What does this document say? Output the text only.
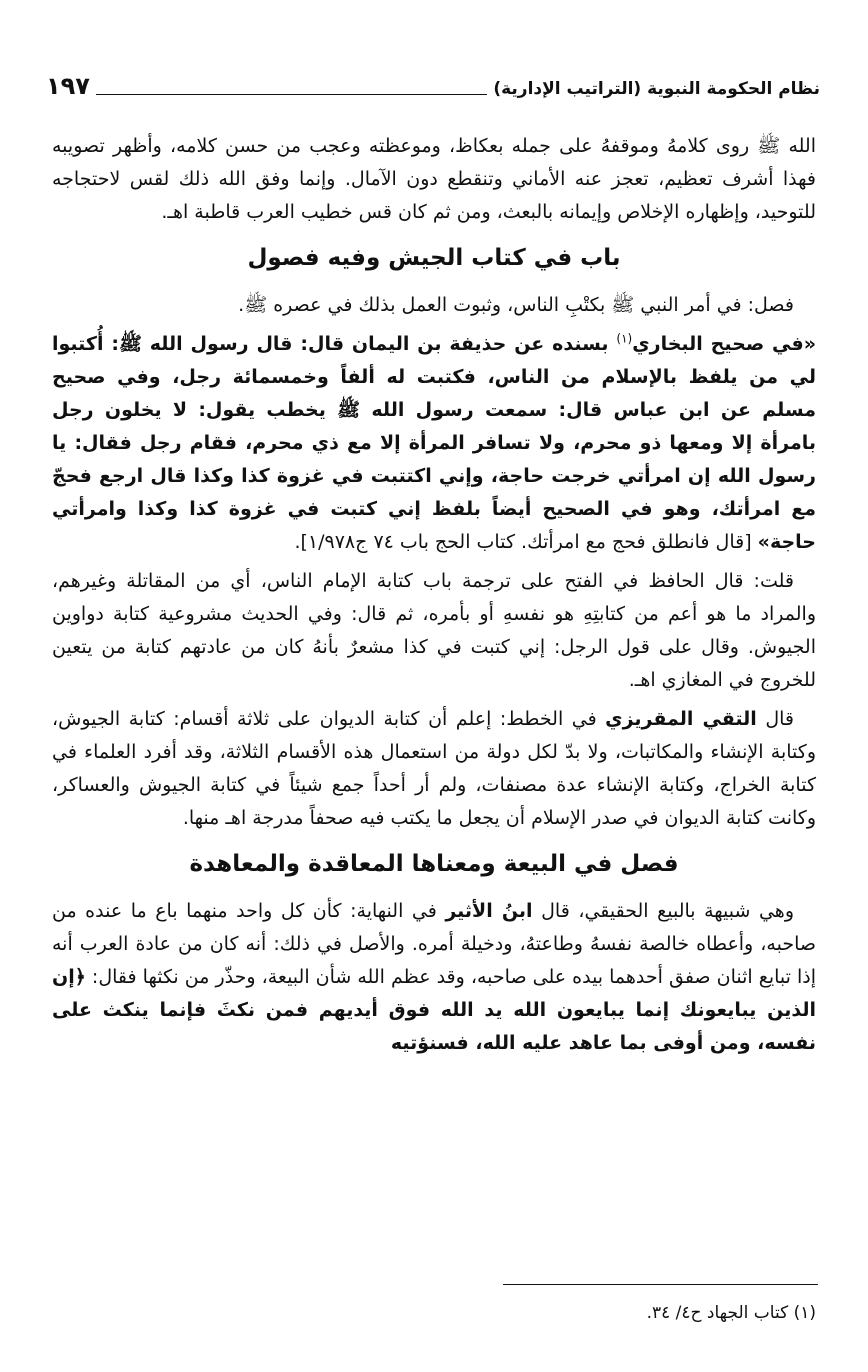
نظام الحكومة النبوية (التراتيب الإدارية)
١٩٧

الله ﷺ روى كلامهُ وموقفهُ على جمله بعكاظ، وموعظته وعجب من حسن كلامه، وأظهر تصويبه فهذا أشرف تعظيم، تعجز عنه الأماني وتنقطع دون الآمال. وإنما وفق الله ذلك لقس لاحتجاجه للتوحيد، وإظهاره الإخلاص وإيمانه بالبعث، ومن ثم كان قس خطيب العرب قاطبة اهـ.

باب في كتاب الجيش وفيه فصول

فصل: في أمر النبي ﷺ بكتْبِ الناس، وثبوت العمل بذلك في عصره ﷺ.

«في صحيح البخاري$^{(١)}$ بسنده عن حذيفة بن اليمان قال: قال رسول الله ﷺ: أُكتبوا لي من يلفظ بالإسلام من الناس، فكتبت له ألفاً وخمسمائة رجل، وفي صحيح مسلم عن ابن عباس قال: سمعت رسول الله ﷺ يخطب يقول: لا يخلون رجل بامرأة إلا ومعها ذو محرم، ولا تسافر المرأة إلا مع ذي محرم، فقام رجل فقال: يا رسول الله إن امرأتي خرجت حاجة، وإني اكتتبت في غزوة كذا وكذا قال ارجع فحجّ مع امرأتك، وهو في الصحيح أيضاً بلفظ إني كتبت في غزوة كذا وكذا وامرأتي حاجة» [قال فانطلق فحج مع امرأتك. كتاب الحج باب ٧٤ ج١/٩٧٨].

قلت: قال الحافظ في الفتح على ترجمة باب كتابة الإمام الناس، أي من المقاتلة وغيرهم، والمراد ما هو أعم من كتابتِهِ هو نفسهِ أو بأمره، ثم قال: وفي الحديث مشروعية كتابة دواوين الجيوش. وقال على قول الرجل: إني كتبت في كذا مشعرٌ بأنهُ كان من عادتهم كتابة من يتعين للخروج في المغازي اهـ.

قال التقي المقريزي في الخطط: إعلم أن كتابة الديوان على ثلاثة أقسام: كتابة الجيوش، وكتابة الإنشاء والمكاتبات، ولا بدّ لكل دولة من استعمال هذه الأقسام الثلاثة، وقد أفرد العلماء في كتابة الخراج، وكتابة الإنشاء عدة مصنفات، ولم أر أحداً جمع شيئاً في كتابة الجيوش والعساكر، وكانت كتابة الديوان في صدر الإسلام أن يجعل ما يكتب فيه صحفاً مدرجة اهـ منها.

فصل في البيعة ومعناها المعاقدة والمعاهدة

وهي شبيهة بالبيع الحقيقي، قال ابنُ الأثير في النهاية: كأن كل واحد منهما باع ما عنده من صاحبه، وأعطاه خالصة نفسهُ وطاعتهُ، ودخيلة أمره. والأصل في ذلك: أنه كان من عادة العرب أنه إذا تبايع اثنان صفق أحدهما بيده على صاحبه، وقد عظم الله شأن البيعة، وحذّر من نكثها فقال: ﴿إن الذين يبايعونك إنما يبايعون الله يد الله فوق أيديهم فمن نكثَ فإنما ينكث على نفسه، ومن أوفى بما عاهد عليه الله، فسنؤتيه

(١) كتاب الجهاد ح٤/ ٣٤.
